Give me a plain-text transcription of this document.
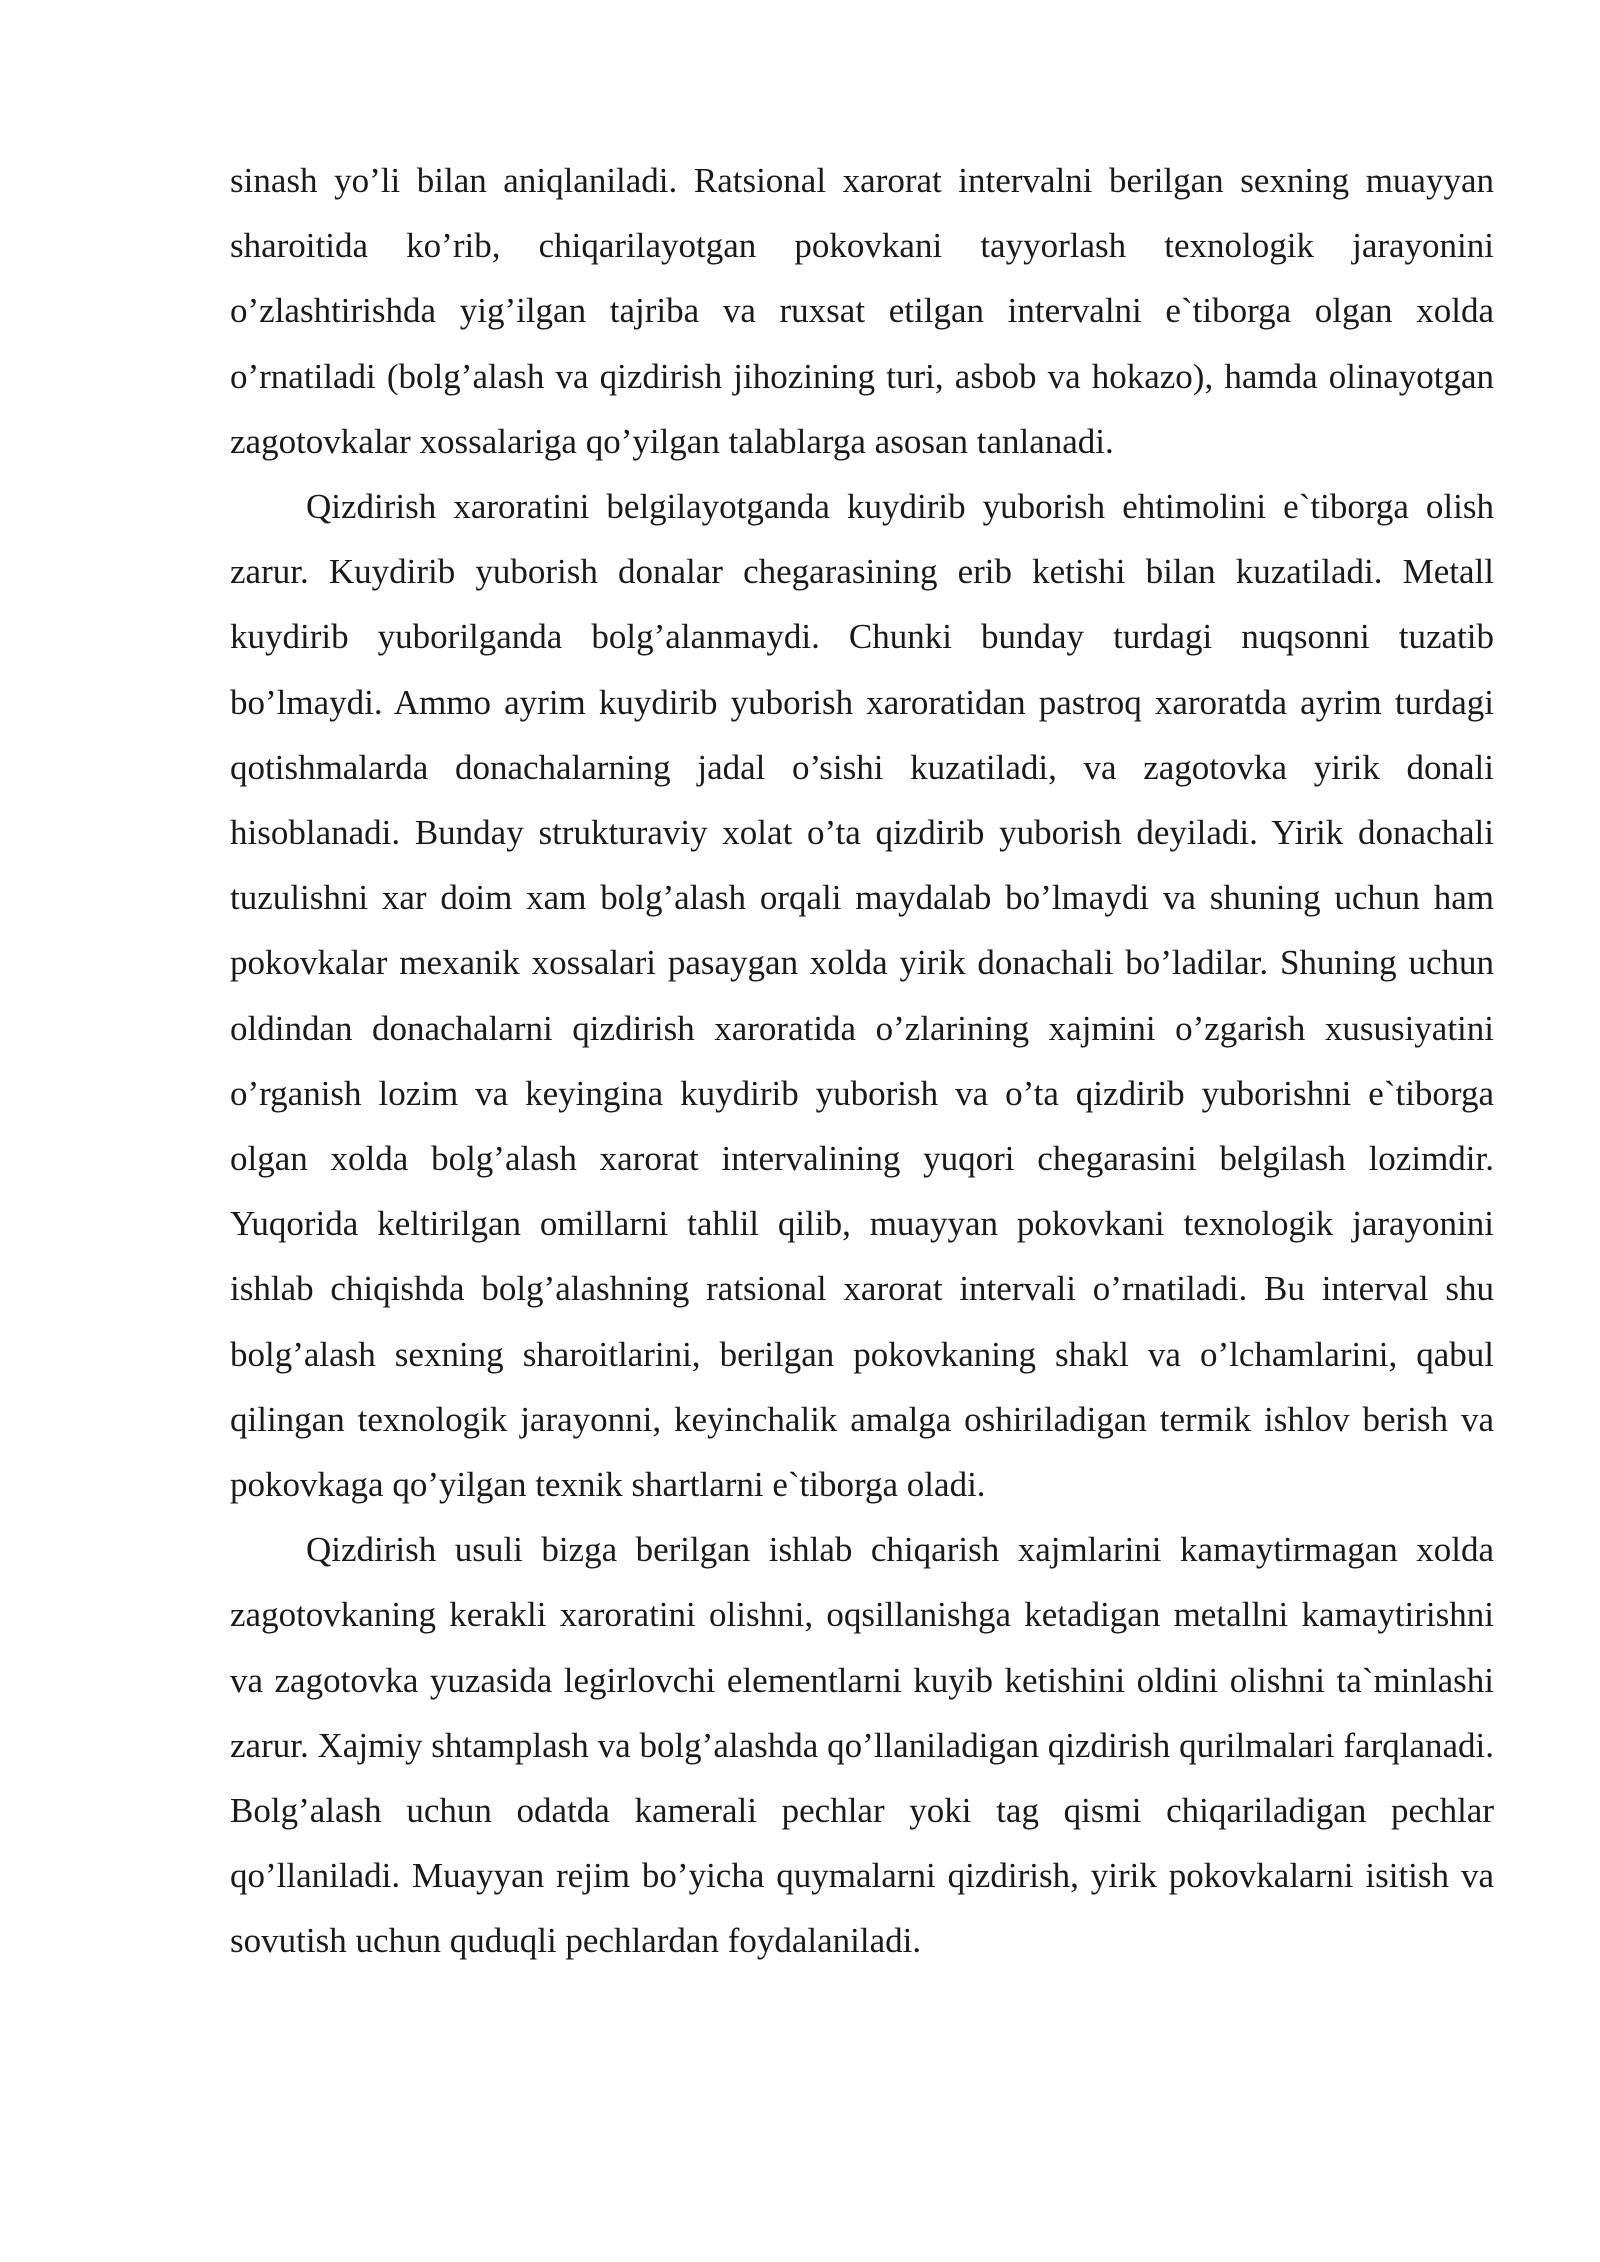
sinash yo’li bilan aniqlaniladi. Ratsional xarorat intervalni berilgan sexning muayyan sharoitida ko’rib, chiqarilayotgan pokovkani tayyorlash texnologik jarayonini o’zlashtirishda yig’ilgan tajriba va ruxsat etilgan intervalni e`tiborga olgan xolda o’rnatiladi (bolg’alash va qizdirish jihozining turi, asbob va hokazo), hamda olinayotgan zagotovkalar xossalariga qo’yilgan talablarga asosan tanlanadi.

Qizdirish xaroratini belgilayotganda kuydirib yuborish ehtimolini e`tiborga olish zarur. Kuydirib yuborish donalar chegarasining erib ketishi bilan kuzatiladi. Metall kuydirib yuborilganda bolg’alanmaydi. Chunki bunday turdagi nuqsonni tuzatib bo’lmaydi. Ammo ayrim kuydirib yuborish xaroratidan pastroq xaroratda ayrim turdagi qotishmalarda donachalarning jadal o’sishi kuzatiladi, va zagotovka yirik donali hisoblanadi. Bunday strukturaviy xolat o’ta qizdirib yuborish deyiladi. Yirik donachali tuzulishni xar doim xam bolg’alash orqali maydalab bo’lmaydi va shuning uchun ham pokovkalar mexanik xossalari pasaygan xolda yirik donachali bo’ladilar. Shuning uchun oldindan donachalarni qizdirish xaroratida o’zlarining xajmini o’zgarish xususiyatini o’rganish lozim va keyingina kuydirib yuborish va o’ta qizdirib yuborishni e`tiborga olgan xolda bolg’alash xarorat intervalining yuqori chegarasini belgilash lozimdir. Yuqorida keltirilgan omillarni tahlil qilib, muayyan pokovkani texnologik jarayonini ishlab chiqishda bolg’alashning ratsional xarorat intervali o’rnatiladi. Bu interval shu bolg’alash sexning sharoitlarini, berilgan pokovkaning shakl va o’lchamlarini, qabul qilingan texnologik jarayonni, keyinchalik amalga oshiriladigan termik ishlov berish va pokovkaga qo’yilgan texnik shartlarni e`tiborga oladi.

Qizdirish usuli bizga berilgan ishlab chiqarish xajmlarini kamaytirmagan xolda zagotovkaning kerakli xaroratini olishni, oqsillanishga ketadigan metallni kamaytirishni va zagotovka yuzasida legirlovchi elementlarni kuyib ketishini oldini olishni ta`minlashi zarur. Xajmiy shtamplash va bolg’alashda qo’llaniladigan qizdirish qurilmalari farqlanadi. Bolg’alash uchun odatda kamerali pechlar yoki tag qismi chiqariladigan pechlar qo’llaniladi. Muayyan rejim bo’yicha quymalarni qizdirish, yirik pokovkalarni isitish va sovutish uchun quduqli pechlardan foydalaniladi.
